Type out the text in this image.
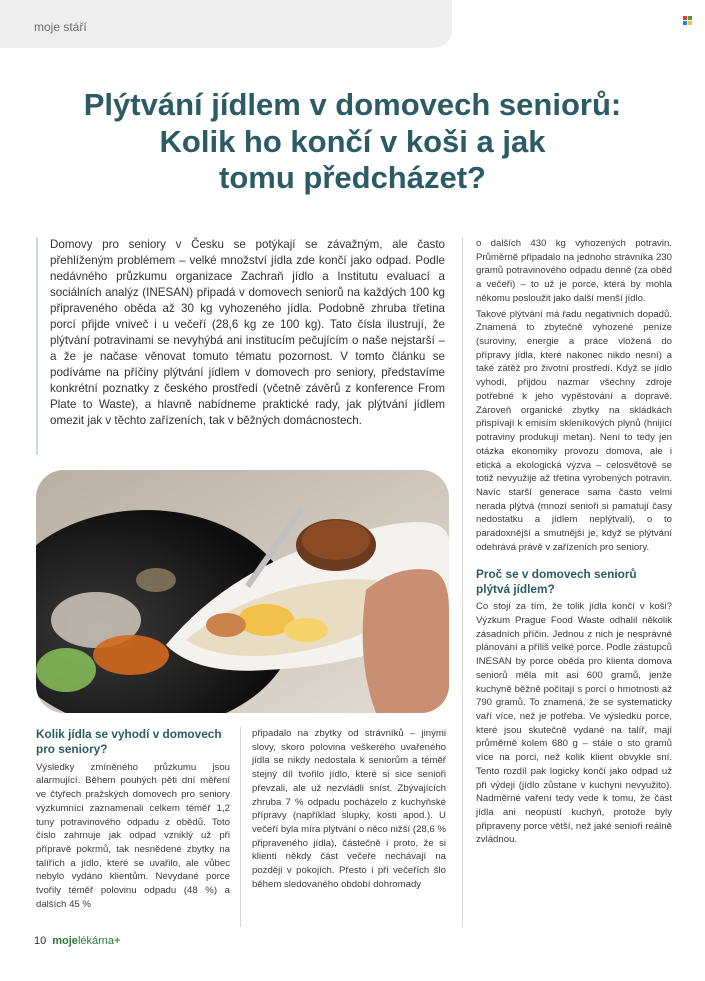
moje stáří
Plýtvání jídlem v domovech seniorů:
Kolik ho končí v koši a jak
tomu předcházet?

Domovy pro seniory v Česku se potýkají se závažným, ale často přehlíženým problémem – velké množství jídla zde končí jako odpad. Podle nedávného průzkumu organizace Zachraň jídlo a Institutu evaluací a sociálních analýz (INESAN) připadá v domovech seniorů na každých 100 kg připraveného oběda až 30 kg vyhozeného jídla. Podobně zhruba třetina porcí přijde vniveč i u večeří (28,6 kg ze 100 kg). Tato čísla ilustrují, že plýtvání potravinami se nevyhýbá ani institucím pečujícím o naše nejstarší – a že je načase věnovat tomuto tématu pozornost. V tomto článku se podíváme na příčiny plýtvání jídlem v domovech pro seniory, představíme konkrétní poznatky z českého prostředí (včetně závěrů z konference From Plate to Waste), a hlavně nabídneme praktické rady, jak plýtvání jídlem omezit jak v těchto zařízeních, tak v běžných domácnostech.

Kolik jídla se vyhodí v domovech pro seniory?

Výsledky zmíněného průzkumu jsou alarmující. Během pouhých pěti dní měření ve čtyřech pražských domovech pro seniory výzkumníci zaznamenali celkem téměř 1,2 tuny potravinového odpadu z obědů. Toto číslo zahrnuje jak odpad vzniklý už při přípravě pokrmů, tak nesnědené zbytky na talířích a jídlo, které se uvařilo, ale vůbec nebylo vydáno klientům. Nevydané porce tvořily téměř polovinu odpadu (48 %) a dalších 45 %

připadalo na zbytky od strávníků – jinými slovy, skoro polovina veškerého uvařeného jídla se nikdy nedostala k seniorům a téměř stejný díl tvořilo jídlo, které si sice senioři převzali, ale už nezvládli sníst. Zbývajících zhruba 7 % odpadu pocházelo z kuchyňské přípravy (například slupky, kosti apod.). U večeří byla míra plýtvání o něco nižší (28,6 % připraveného jídla), částečně i proto, že si klienti někdy část večeře nechávají na později v pokojích. Přesto i při večeřích šlo během sledovaného období dohromady

o dalších 430 kg vyhozených potravin. Průměrně připadalo na jednoho strávníka 230 gramů potravinového odpadu denně (za oběd a večeři) – to už je porce, která by mohla někomu posloužit jako další menší jídlo.

Takové plýtvání má řadu negativních dopadů. Znamená to zbytečně vyhozené peníze (suroviny, energie a práce vložená do přípravy jídla, které nakonec nikdo nesní) a také zátěž pro životní prostředí. Když se jídlo vyhodí, přijdou nazmar všechny zdroje potřebné k jeho vypěstování a dopravě. Zároveň organické zbytky na skládkách přispívají k emisím skleníkových plynů (hnijící potraviny produkují metan). Není to tedy jen otázka ekonomiky provozu domova, ale i etická a ekologická výzva – celosvětově se totiž nevyužije až třetina vyrobených potravin. Navíc starší generace sama často velmi nerada plýtvá (mnozí senioři si pamatují časy nedostatku a jídlem neplýtvali), o to paradoxnější a smutnější je, když se plýtvání odehrává právě v zařízeních pro seniory.

Proč se v domovech seniorů plýtvá jídlem?

Co stojí za tím, že tolik jídla končí v koši? Výzkum Prague Food Waste odhalil několik zásadních příčin. Jednou z nich je nesprávné plánování a příliš velké porce. Podle zástupců INESAN by porce oběda pro klienta domova seniorů měla mít asi 600 gramů, jenže kuchyně běžně počítají s porcí o hmotnosti až 790 gramů. To znamená, že se systematicky vaří více, než je potřeba. Ve výsledku porce, které jsou skutečně vydané na talíř, mají průměrně kolem 680 g – stále o sto gramů více na porci, než kolik klient obvykle sní. Tento rozdíl pak logicky končí jako odpad už při výdeji (jídlo zůstane v kuchyni nevyužito). Nadměrné vaření tedy vede k tomu, že část jídla ani neopustí kuchyň, protože byly připraveny porce větší, než jaké senioři reálně zvládnou.

10 mojelékárna+
